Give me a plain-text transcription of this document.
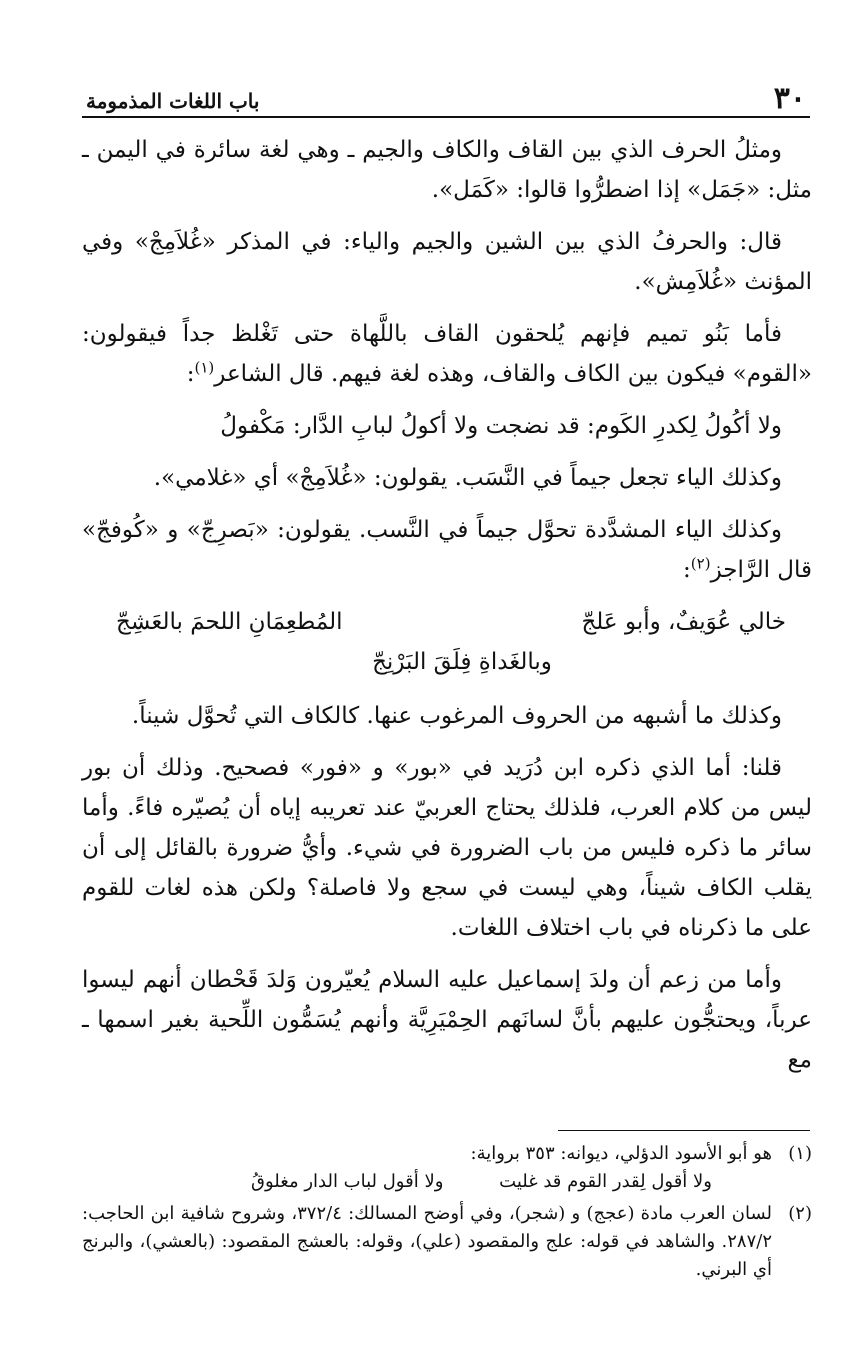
٣٠
باب اللغات المذمومة

ومثلُ الحرف الذي بين القاف والكاف والجيم ـ وهي لغة سائرة في اليمن ـ مثل: «جَمَل» إذا اضطرُّوا قالوا: «كَمَل».

قال: والحرفُ الذي بين الشين والجيم والياء: في المذكر «غُلاَمِجْ» وفي المؤنث «غُلاَمِش».

فأما بَنُو تميم فإنهم يُلحقون القاف باللَّهاة حتى تَغْلظ جداً فيقولون: «القوم» فيكون بين الكاف والقاف، وهذه لغة فيهم. قال الشاعر$^{(١)}$:

ولا أكُولُ لِكدرِ الكَوم: قد نضجت ولا أكولُ لبابِ الدَّار: مَكْفولُ

وكذلك الياء تجعل جيماً في النَّسَب. يقولون: «غُلاَمِجْ» أي «غلامي».

وكذلك الياء المشدَّدة تحوَّل جيماً في النَّسب. يقولون: «بَصرِجّ» و «كُوفجّ» قال الرَّاجز$^{(٢)}$:

خالي عُوَيفٌ، وأبو عَلجّ
المُطعِمَانِ اللحمَ بالعَشِجّ
وبالغَداةِ فِلَقَ البَرْنِجّ

وكذلك ما أشبهه من الحروف المرغوب عنها. كالكاف التي تُحوَّل شيناً.

قلنا: أما الذي ذكره ابن دُرَيد في «بور» و «فور» فصحيح. وذلك أن بور ليس من كلام العرب، فلذلك يحتاج العربيّ عند تعريبه إياه أن يُصيّره فاءً. وأما سائر ما ذكره فليس من باب الضرورة في شيء. وأيُّ ضرورة بالقائل إلى أن يقلب الكاف شيناً، وهي ليست في سجع ولا فاصلة؟ ولكن هذه لغات للقوم على ما ذكرناه في باب اختلاف اللغات.

وأما من زعم أن ولدَ إسماعيل عليه السلام يُعيّرون وَلدَ قَحْطان أنهم ليسوا عرباً، ويحتجُّون عليهم بأنَّ لسانَهم الحِمْيَرِيَّة وأنهم يُسَمُّون اللِّحية بغير اسمها ـ مع

(١)
هو أبو الأسود الدؤلي، ديوانه: ٣٥٣ برواية:
ولا أقول لِقدر القوم قد غليت ولا أقول لباب الدار مغلوقُ
(٢)
لسان العرب مادة (عجج) و (شجر)، وفي أوضح المسالك: ٣٧٢/٤، وشروح شافية ابن الحاجب: ٢٨٧/٢. والشاهد في قوله: علج والمقصود (علي)، وقوله: بالعشج المقصود: (بالعشي)، والبرنج أي البرني.
